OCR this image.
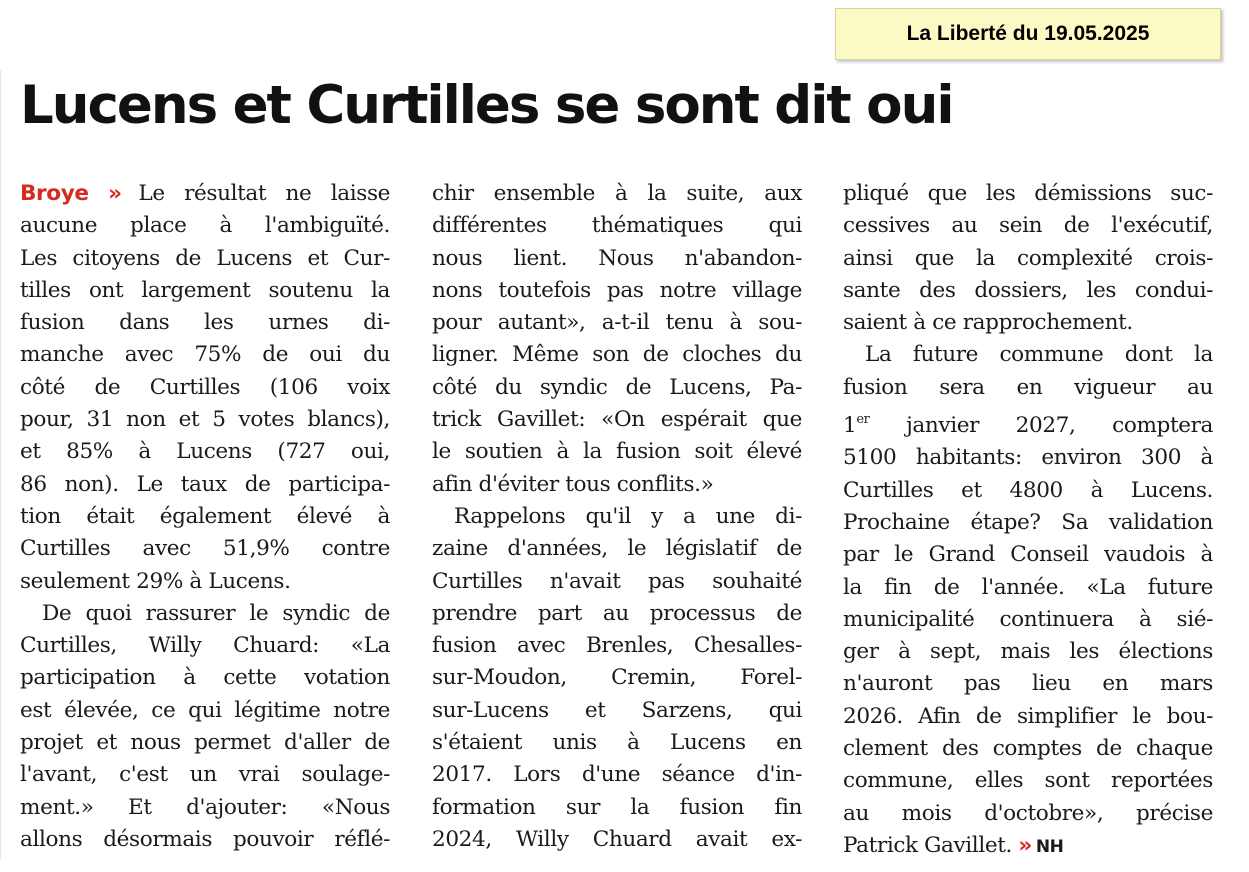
La Liberté du 19.05.2025
Lucens et Curtilles se sont dit oui

Broye » Le résultat ne laisse
aucune place à l'ambiguïté.
Les citoyens de Lucens et Cur-
tilles ont largement soutenu la
fusion dans les urnes di-
manche avec 75% de oui du
côté de Curtilles (106 voix
pour, 31 non et 5 votes blancs),
et 85% à Lucens (727 oui,
86 non). Le taux de participa-
tion était également élevé à
Curtilles avec 51,9% contre
seulement 29% à Lucens.

De quoi rassurer le syndic de
Curtilles, Willy Chuard: «La
participation à cette votation
est élevée, ce qui légitime notre
projet et nous permet d'aller de
l'avant, c'est un vrai soulage-
ment.» Et d'ajouter: «Nous
allons désormais pouvoir réflé-

chir ensemble à la suite, aux
différentes thématiques qui
nous lient. Nous n'abandon-
nons toutefois pas notre village
pour autant», a-t-il tenu à sou-
ligner. Même son de cloches du
côté du syndic de Lucens, Pa-
trick Gavillet: «On espérait que
le soutien à la fusion soit élevé
afin d'éviter tous conflits.»

Rappelons qu'il y a une di-
zaine d'années, le législatif de
Curtilles n'avait pas souhaité
prendre part au processus de
fusion avec Brenles, Chesalles-
sur-Moudon, Cremin, Forel-
sur-Lucens et Sarzens, qui
s'étaient unis à Lucens en
2017. Lors d'une séance d'in-
formation sur la fusion fin
2024, Willy Chuard avait ex-

pliqué que les démissions suc-
cessives au sein de l'exécutif,
ainsi que la complexité crois-
sante des dossiers, les condui-
saient à ce rapprochement.

La future commune dont la
fusion sera en vigueur au
1er janvier 2027, comptera
5100 habitants: environ 300 à
Curtilles et 4800 à Lucens.
Prochaine étape? Sa validation
par le Grand Conseil vaudois à
la fin de l'année. «La future
municipalité continuera à sié-
ger à sept, mais les élections
n'auront pas lieu en mars
2026. Afin de simplifier le bou-
clement des comptes de chaque
commune, elles sont reportées
au mois d'octobre», précise
Patrick Gavillet. » NH
